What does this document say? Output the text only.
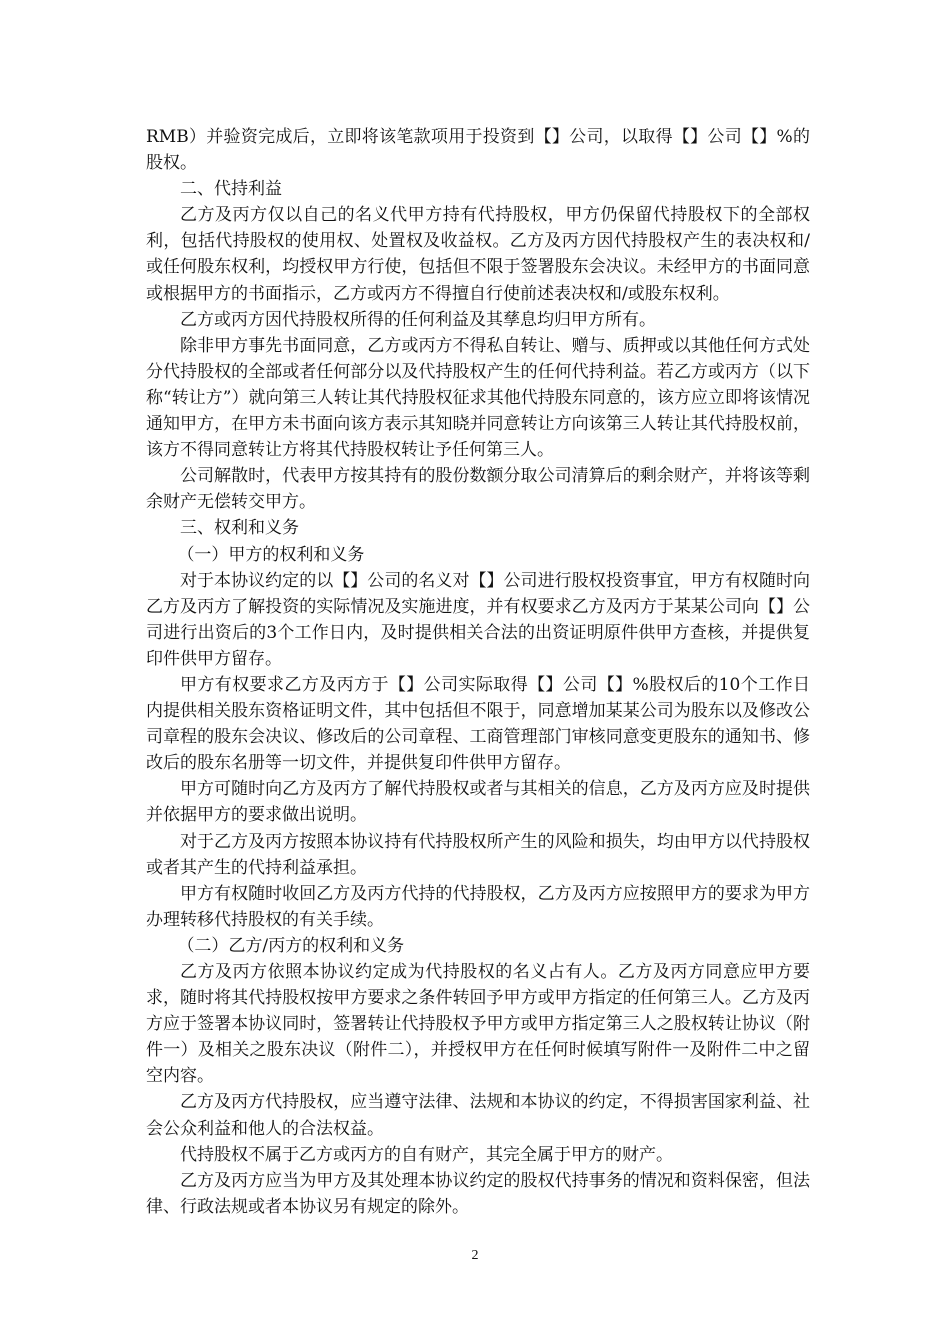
RMB）并验资完成后，立即将该笔款项用于投资到【】公司，以取得【】公司【】%的股权。

二、代持利益

乙方及丙方仅以自己的名义代甲方持有代持股权，甲方仍保留代持股权下的全部权利，包括代持股权的使用权、处置权及收益权。乙方及丙方因代持股权产生的表决权和/或任何股东权利，均授权甲方行使，包括但不限于签署股东会决议。未经甲方的书面同意或根据甲方的书面指示，乙方或丙方不得擅自行使前述表决权和/或股东权利。

乙方或丙方因代持股权所得的任何利益及其孳息均归甲方所有。

除非甲方事先书面同意，乙方或丙方不得私自转让、赠与、质押或以其他任何方式处分代持股权的全部或者任何部分以及代持股权产生的任何代持利益。若乙方或丙方（以下称“转让方”）就向第三人转让其代持股权征求其他代持股东同意的，该方应立即将该情况通知甲方，在甲方未书面向该方表示其知晓并同意转让方向该第三人转让其代持股权前，该方不得同意转让方将其代持股权转让予任何第三人。

公司解散时，代表甲方按其持有的股份数额分取公司清算后的剩余财产，并将该等剩余财产无偿转交甲方。

三、权利和义务

（一）甲方的权利和义务

对于本协议约定的以【】公司的名义对【】公司进行股权投资事宜，甲方有权随时向乙方及丙方了解投资的实际情况及实施进度，并有权要求乙方及丙方于某某公司向【】公司进行出资后的3个工作日内，及时提供相关合法的出资证明原件供甲方查核，并提供复印件供甲方留存。

甲方有权要求乙方及丙方于【】公司实际取得【】公司【】%股权后的10个工作日内提供相关股东资格证明文件，其中包括但不限于，同意增加某某公司为股东以及修改公司章程的股东会决议、修改后的公司章程、工商管理部门审核同意变更股东的通知书、修改后的股东名册等一切文件，并提供复印件供甲方留存。

甲方可随时向乙方及丙方了解代持股权或者与其相关的信息，乙方及丙方应及时提供并依据甲方的要求做出说明。

对于乙方及丙方按照本协议持有代持股权所产生的风险和损失，均由甲方以代持股权或者其产生的代持利益承担。

甲方有权随时收回乙方及丙方代持的代持股权，乙方及丙方应按照甲方的要求为甲方办理转移代持股权的有关手续。

（二）乙方/丙方的权利和义务

乙方及丙方依照本协议约定成为代持股权的名义占有人。乙方及丙方同意应甲方要求，随时将其代持股权按甲方要求之条件转回予甲方或甲方指定的任何第三人。乙方及丙方应于签署本协议同时，签署转让代持股权予甲方或甲方指定第三人之股权转让协议（附件一）及相关之股东决议（附件二），并授权甲方在任何时候填写附件一及附件二中之留空内容。

乙方及丙方代持股权，应当遵守法律、法规和本协议的约定，不得损害国家利益、社会公众利益和他人的合法权益。

代持股权不属于乙方或丙方的自有财产，其完全属于甲方的财产。

乙方及丙方应当为甲方及其处理本协议约定的股权代持事务的情况和资料保密，但法律、行政法规或者本协议另有规定的除外。

2
